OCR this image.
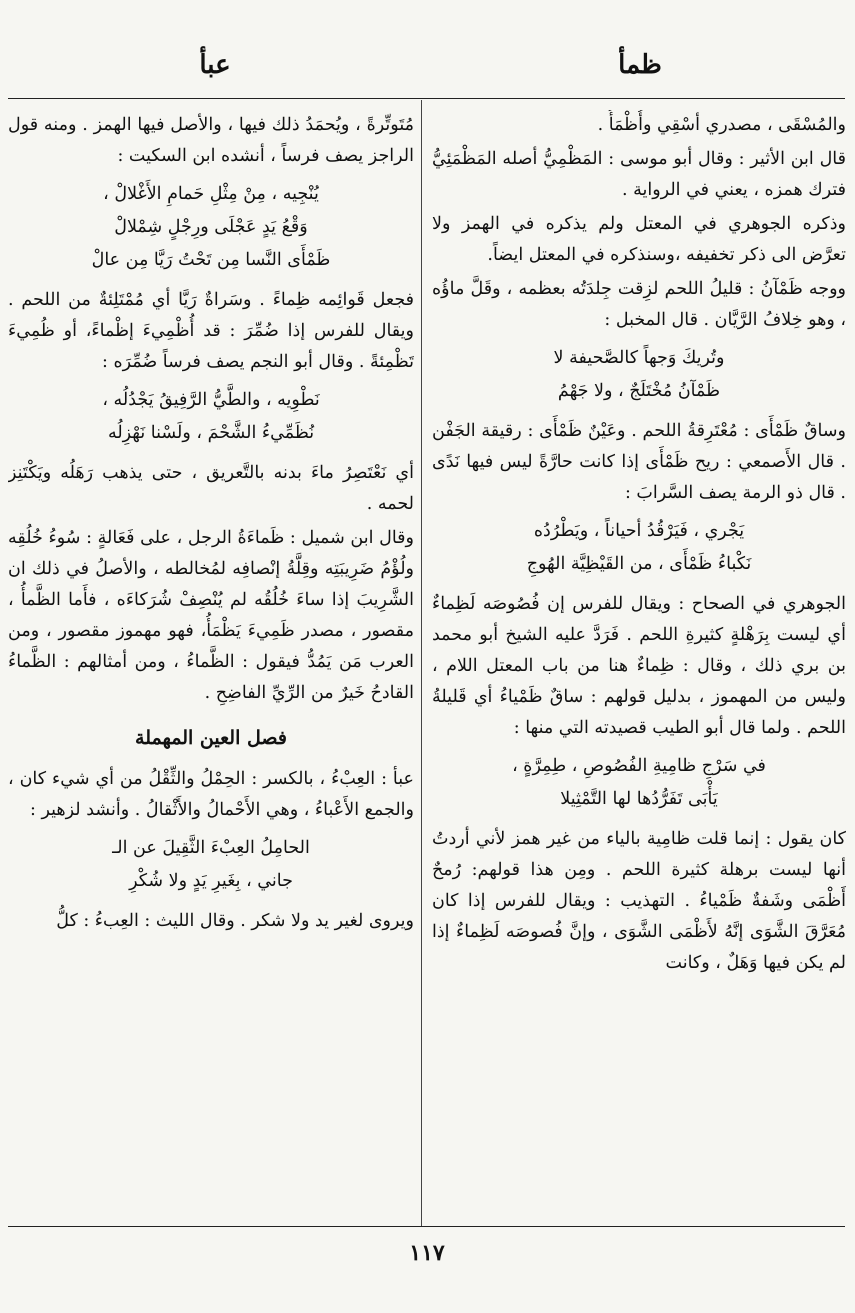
ظمأ
عبأ

والمُسْقَى ، مصدري أسْقِي وأُظْمَأُ .

قال ابن الأثير : وقال أبو موسى : المَظْمِيُّ أصله المَظْمَئِيُّ فترك همزه ، يعني في الرواية .

وذكره الجوهري في المعتل ولم يذكره في الهمز ولا تعرَّض الى ذكر تخفيفه ،وسنذكره في المعتل ايضاً.

ووجه ظَمْآنُ : قليلُ اللحم لزِقت جِلدَتُه بعظمه ، وقَلَّ ماؤُه ، وهو خِلافُ الرَّيَّان . قال المخبل :

وتُريكَ وَجهاً كالصَّحيفة لا
ظَمْآنُ مُخْتَلَجٌ ، ولا جَهْمُ

وساقٌ ظَمْأَى : مُعْتَرِقةُ اللحم . وعَيْنٌ ظَمْأَى : رقيقة الجَفْن . قال الأَصمعي : ريح ظَمْأَى إذا كانت حارَّةً ليس فيها نَدًى . قال ذو الرمة يصف السَّرابَ :

يَجْري ، فَيَرْقُدُ أحياناً ، ويَطْرُدُه
نَكْباءُ ظَمْأَى ، من القَيْظِيَّة الهُوجِ

الجوهري في الصحاح : ويقال للفرس إن فُصُوصَه لَظِماءٌ أي ليست بِرَهْلةٍ كثيرةِ اللحم . فَرَدَّ عليه الشيخ أبو محمد بن بري ذلك ، وقال : ظِماءٌ هنا من باب المعتل اللام ، وليس من المهموز ، بدليل قولهم : ساقٌ ظَمْياءُ أي قَليلةُ اللحم . ولما قال أبو الطيب قصيدته التي منها :

في سَرْجِ ظامِيةِ الفُصُوصِ ، طِمِرَّةٍ ،
يَأْبَى تَفَرُّدُها لها التَّمْثِيلا

كان يقول : إنما قلت ظامِية بالياء من غير همز لأني أردتُ أنها ليست برهلة كثيرة اللحم . ومِن هذا قولهم: رُمحٌ أَظْمَى وشَفةٌ ظَمْياءُ . التهذيب : ويقال للفرس إذا كان مُعَرَّقَ الشَّوَى إنَّهُ لأَظْمَى الشَّوَى ، وإنَّ فُصوصَه لَظِماءٌ إذا لم يكن فيها وَهَلٌ ، وكانت

مُتَوتِّرةً ، ويُحمَدُ ذلك فيها ، والأصل فيها الهمز . ومنه قول الراجز يصف فرساً ، أنشده ابن السكيت :

يُنْجِيه ، مِنْ مِثْلِ حَمامِ الأَغْلالْ ،
وَقْعُ يَدٍ عَجْلَى ورِجْلٍ شِمْلالْ
ظَمْأَى النَّسا مِن تَحْتُ رَيَّا مِن عالْ

فجعل قَوائِمه ظِماءً . وسَراةٌ رَيَّا أي مُمْتَلِئةٌ من اللحم . ويقال للفرس إذا ضُمِّرَ : قد أُظْمِيءَ إظْماءً، أو ظُمِيءَ تَظْمِئةً . وقال أبو النجم يصف فرساً ضُمِّرَه :

نَطْوِيه ، والطَّيُّ الرَّفِيقُ يَجْدُلُه ،
نُظَمِّيءُ الشَّحْمَ ، ولَسْنا نَهْزِلُه

أي نَعْتَصِرُ ماءَ بدنه بالتَّعريق ، حتى يذهب رَهَلُه ويَكْتَنِز لحمه .

وقال ابن شميل : ظَماءَةُ الرجل ، على فَعَالةٍ : سُوءُ خُلُقِه ولُؤْمُ ضَرِيبَتِه وقِلَّةُ إنْصافِه لمُخالطه ، والأصلُ في ذلك ان الشَّرِيبَ إذا ساءَ خُلُقُه لم يُنْصِفْ شُرَكاءَه ، فأَما الظَّمأُ ، مقصور ، مصدر ظَمِيءَ يَظْمَأُ، فهو مهموز مقصور ، ومن العرب مَن يَمُدُّ فيقول : الظَّماءُ ، ومن أمثالهم : الظَّماءُ القادحُ خَيرٌ من الرِّيِّ الفاضِحِ .

فصل العين المهملة

عبأ : العِبْءُ ، بالكسر : الحِمْلُ والثِّقْلُ من أي شيء كان ، والجمع الأَعْباءُ ، وهي الأَحْمالُ والأَثْقالُ . وأنشد لزهير :

الحامِلُ العِبْءَ الثَّقِيلَ عن الـ
جاني ، بِغَيرِ يَدٍ ولا شُكْرِ

ويروى لغير يد ولا شكر . وقال الليث : العِبءُ : كلُّ

١١٧
